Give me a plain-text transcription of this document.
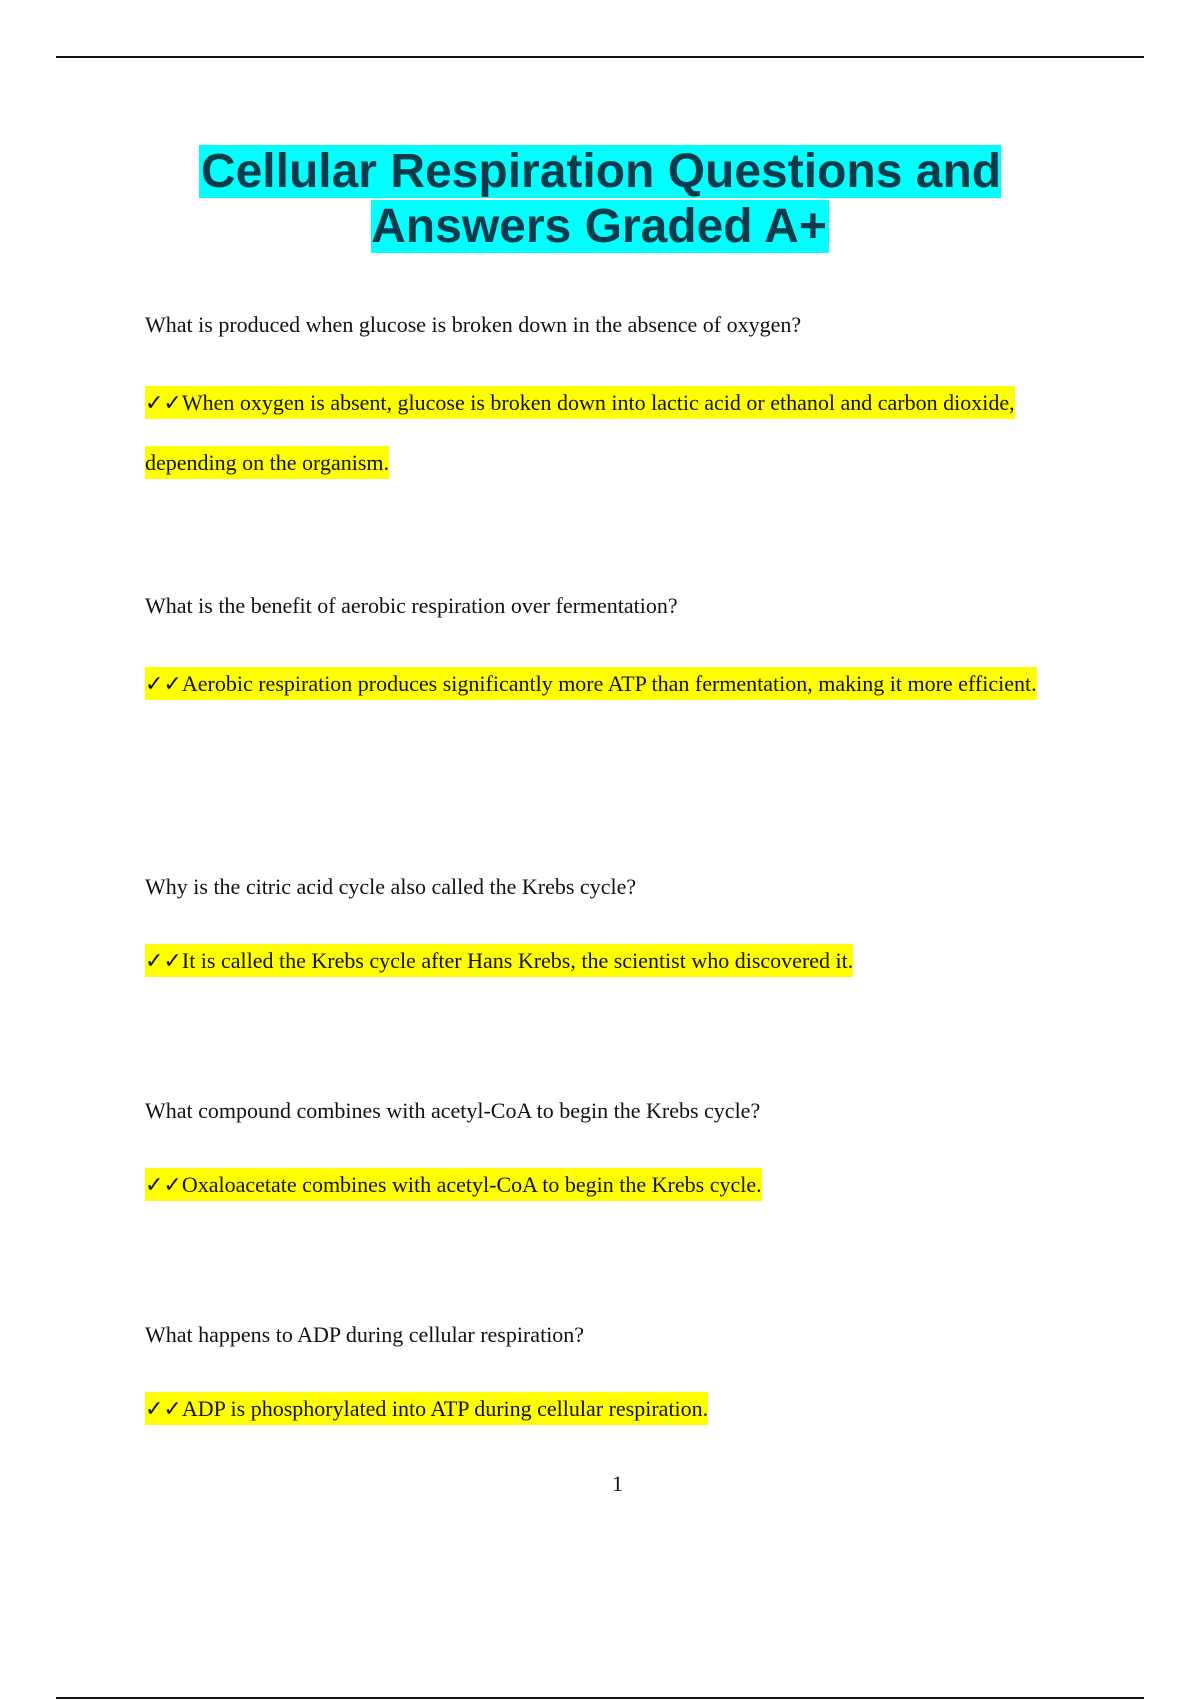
Cellular Respiration Questions and Answers Graded A+

What is produced when glucose is broken down in the absence of oxygen?

✓✓When oxygen is absent, glucose is broken down into lactic acid or ethanol and carbon dioxide, depending on the organism.

What is the benefit of aerobic respiration over fermentation?

✓✓Aerobic respiration produces significantly more ATP than fermentation, making it more efficient.

Why is the citric acid cycle also called the Krebs cycle?

✓✓It is called the Krebs cycle after Hans Krebs, the scientist who discovered it.

What compound combines with acetyl-CoA to begin the Krebs cycle?

✓✓Oxaloacetate combines with acetyl-CoA to begin the Krebs cycle.

What happens to ADP during cellular respiration?

✓✓ADP is phosphorylated into ATP during cellular respiration.

1
